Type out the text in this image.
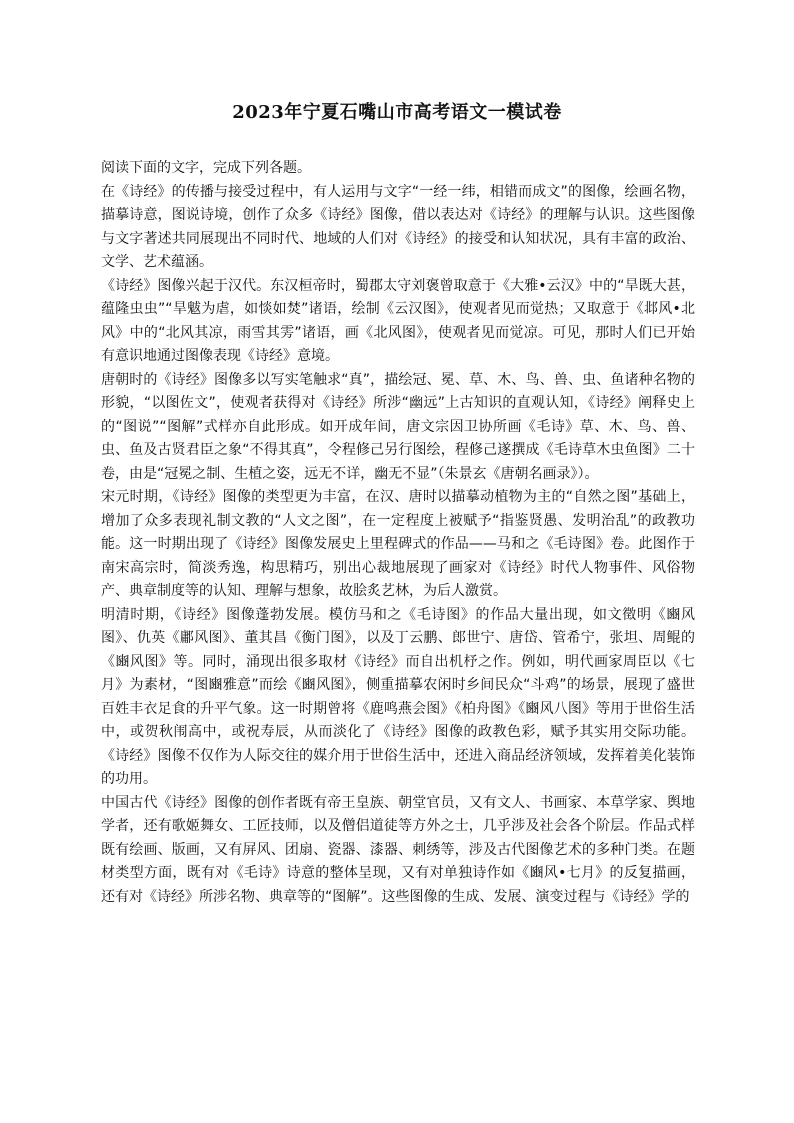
2023年宁夏石嘴山市高考语文一模试卷

阅读下面的文字，完成下列各题。

在《诗经》的传播与接受过程中，有人运用与文字“一经一纬，相错而成文”的图像，绘画名物，描摹诗意，图说诗境，创作了众多《诗经》图像，借以表达对《诗经》的理解与认识。这些图像与文字著述共同展现出不同时代、地域的人们对《诗经》的接受和认知状况，具有丰富的政治、文学、艺术蕴涵。

《诗经》图像兴起于汉代。东汉桓帝时，蜀郡太守刘褒曾取意于《大雅•云汉》中的“旱既大甚，蕴隆虫虫”“旱魃为虐，如惔如焚”诸语，绘制《云汉图》，使观者见而觉热；又取意于《邶风•北风》中的“北风其凉，雨雪其雱”诸语，画《北风图》，使观者见而觉凉。可见，那时人们已开始有意识地通过图像表现《诗经》意境。

唐朝时的《诗经》图像多以写实笔触求“真”，描绘冠、冕、草、木、鸟、兽、虫、鱼诸种名物的形貌，“以图佐文”，使观者获得对《诗经》所涉“幽远”上古知识的直观认知，《诗经》阐释史上的“图说”“图解”式样亦自此形成。如开成年间，唐文宗因卫协所画《毛诗》草、木、鸟、兽、虫、鱼及古贤君臣之象“不得其真”，令程修己另行图绘，程修己遂撰成《毛诗草木虫鱼图》二十卷，由是“冠冕之制、生植之姿，远无不详，幽无不显”（朱景玄《唐朝名画录》）。

宋元时期，《诗经》图像的类型更为丰富，在汉、唐时以描摹动植物为主的“自然之图”基础上，增加了众多表现礼制文教的“人文之图”，在一定程度上被赋予“指鉴贤愚、发明治乱”的政教功能。这一时期出现了《诗经》图像发展史上里程碑式的作品——马和之《毛诗图》卷。此图作于南宋高宗时，简淡秀逸，构思精巧，别出心裁地展现了画家对《诗经》时代人物事件、风俗物产、典章制度等的认知、理解与想象，故脍炙艺林，为后人激赏。

明清时期，《诗经》图像蓬勃发展。模仿马和之《毛诗图》的作品大量出现，如文徵明《豳风图》、仇英《鄘风图》、董其昌《衡门图》，以及丁云鹏、郎世宁、唐岱、管希宁，张坦、周鲲的《豳风图》等。同时，涌现出很多取材《诗经》而自出机杼之作。例如，明代画家周臣以《七月》为素材，“图豳雅意”而绘《豳风图》，侧重描摹农闲时乡间民众“斗鸡”的场景，展现了盛世百姓丰衣足食的升平气象。这一时期曾将《鹿鸣燕会图》《柏舟图》《豳风八图》等用于世俗生活中，或贺秋闱高中，或祝寿辰，从而淡化了《诗经》图像的政教色彩，赋予其实用交际功能。《诗经》图像不仅作为人际交往的媒介用于世俗生活中，还进入商品经济领域，发挥着美化装饰的功用。

中国古代《诗经》图像的创作者既有帝王皇族、朝堂官员，又有文人、书画家、本草学家、舆地学者，还有歌姬舞女、工匠技师，以及僧侣道徒等方外之士，几乎涉及社会各个阶层。作品式样既有绘画、版画，又有屏风、团扇、瓷器、漆器、刺绣等，涉及古代图像艺术的多种门类。在题材类型方面，既有对《毛诗》诗意的整体呈现，又有对单独诗作如《豳风•七月》的反复描画，还有对《诗经》所涉名物、典章等的“图解”。这些图像的生成、发展、演变过程与《诗经》学的
